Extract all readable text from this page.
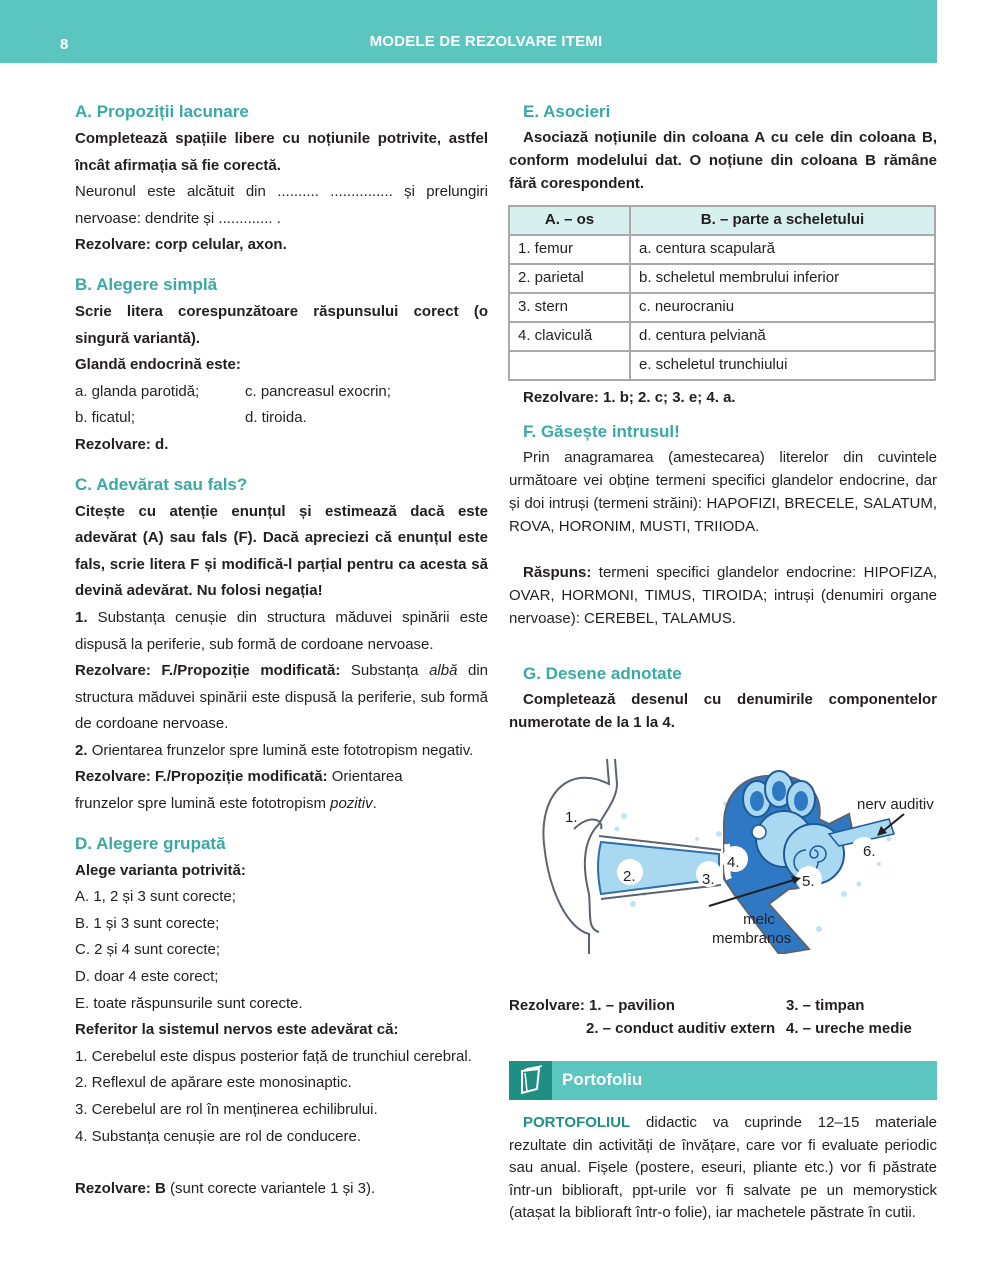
8	MODELE DE REZOLVARE ITEMI
A. Propoziții lacunare

Completează spațiile libere cu noțiunile potrivite, astfel încât afirmația să fie corectă.

Neuronul este alcătuit din .......... ............... și prelungiri nervoase: dendrite și ............. .

Rezolvare: corp celular, axon.

B. Alegere simplă

Scrie litera corespunzătoare răspunsului corect (o singură variantă).

Glandă endocrină este:

a. glanda parotidă;	c. pancreasul exocrin;
b. ficatul;	d. tiroida.

Rezolvare: d.

C. Adevărat sau fals?

Citește cu atenție enunțul și estimează dacă este adevărat (A) sau fals (F). Dacă apreciezi că enunțul este fals, scrie litera F și modifică-l parțial pentru ca acesta să devină adevărat. Nu folosi negația!

1. Substanța cenușie din structura măduvei spinării este dispusă la periferie, sub formă de cordoane nervoase.

Rezolvare: F./Propoziție modificată: Substanța albă din structura măduvei spinării este dispusă la periferie, sub formă de cordoane nervoase.

2. Orientarea frunzelor spre lumină este fototropism negativ.

Rezolvare: F./Propoziție modificată: Orientarea
frunzelor spre lumină este fototropism pozitiv.

D. Alegere grupată

Alege varianta potrivită:

A. 1, 2 și 3 sunt corecte;

B. 1 și 3 sunt corecte;

C. 2 și 4 sunt corecte;

D. doar 4 este corect;

E. toate răspunsurile sunt corecte.

Referitor la sistemul nervos este adevărat că:

1. Cerebelul este dispus posterior față de trunchiul cerebral.

2. Reflexul de apărare este monosinaptic.

3. Cerebelul are rol în menținerea echilibrului.

4. Substanța cenușie are rol de conducere.

Rezolvare: B (sunt corecte variantele 1 și 3).

E. Asocieri

Asociază noțiunile din coloana A cu cele din coloana B, conform modelului dat. O noțiune din coloana B rămâne fără corespondent.

A. – os	B. – parte a scheletului
1. femur	a. centura scapulară
2. parietal	b. scheletul membrului inferior
3. stern	c. neurocraniu
4. claviculă	d. centura pelviană
	e. scheletul trunchiului

Rezolvare: 1. b; 2. c; 3. e; 4. a.

F. Găsește intrusul!

Prin anagramarea (amestecarea) literelor din cuvintele următoare vei obține termeni specifici glandelor endocrine, dar și doi intruși (termeni străini): HAPOFIZI, BRECELE, SALATUM, ROVA, HORONIM, MUSTI, TRIIODA.

Răspuns: termeni specifici glandelor endocrine: HIPOFIZA, OVAR, HORMONI, TIMUS, TIROIDA; intruși (denumiri organe nervoase): CEREBEL, TALAMUS.

G. Desene adnotate

Completează desenul cu denumirile componentelor numerotate de la 1 la 4.

1.
2.	3.
4.
5.
6.
nerv auditiv
melc
membranos
Rezolvare: 1. – pavilion	3. – timpan
2. – conduct auditiv extern 4. – ureche medie
Portofoliu

PORTOFOLIUL didactic va cuprinde 12–15 materiale rezultate din activități de învățare, care vor fi evaluate periodic sau anual. Fișele (postere, eseuri, pliante etc.) vor fi păstrate într-un biblioraft, ppt-urile vor fi salvate pe un memorystick (atașat la biblioraft într-o folie), iar machetele păstrate în cutii.
